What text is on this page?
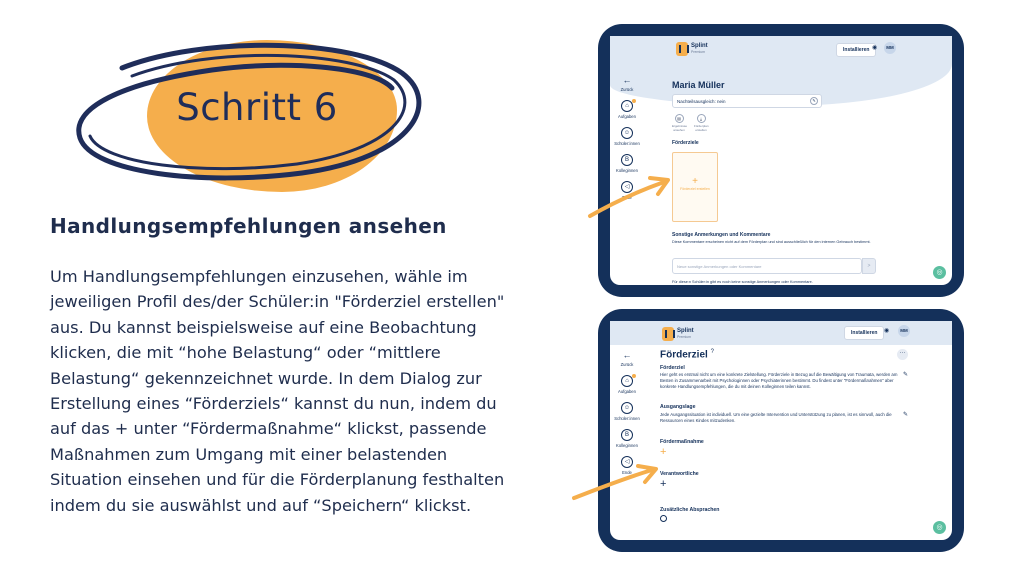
Schritt 6
Handlungsempfehlungen ansehen
Um Handlungsempfehlungen einzusehen, wähle im
jeweiligen Profil des/der Schüler:in "Förderziel erstellen"
aus. Du kannst beispielsweise auf eine Beobachtung
klicken, die mit “hohe Belastung“ oder “mittlere
Belastung“ gekennzeichnet wurde. In dem Dialog zur
Erstellung eines “Förderziels“ kannst du nun, indem du
auf das + unter “Fördermaßnahme“ klickst, passende
Maßnahmen zum Umgang mit einer belastenden
Situation einsehen und für die Förderplanung festhalten
indem du sie auswählst und auf “Speichern“ klickst.
Splint
Premium	Installieren ◉	MM
←
Zurück
⌂
Aufgaben
☺
Schüler:innen
B
Kolleginnen
◁
Ende
Maria Müller
Nachteilsausgleich: nein	✎
▤
Ergebnisse ansehen
⤓
Förderplan erstellen
Förderziele
+
Förderziel erstellen
Sonstige Anmerkungen und Kommentare
Diese Kommentare erscheinen nicht auf dem Förderplan und sind ausschließlich für den internen Gebrauch bestimmt.
Neue sonstige Anmerkungen oder Kommentare	>
Für diese:n Schüler:in gibt es noch keine sonstige Anmerkungen oder Kommentare.
Hinterlasse als erste:r einen Kommentar
◎
Splint
Premium
Installieren	◉	MM
←
Zurück
⌂
Aufgaben
☺
Schüler:innen
B
Kolleginnen
◁
Ende
Förderziel ?	···
Förderziel
Hier geht es erstmal nicht um eine konkrete Zielstellung. Förderziele in Bezug auf die Bewältigung von Traumata, werden am Besten in Zusammenarbeit mit Psychologinnen oder Psychiaterinnen bestimmt. Du findest unter "Fördermaßnahmen" aber konkrete Handlungsempfehlungen, die du mit deinen Kolleginnen teilen kannst.
✎
Ausgangslage
Jede Ausgangssituation ist individuell. Um eine gezielte Intervention und Unterstützung zu planen, ist es sinnvoll, auch die Ressourcen eines Kindes mitzudenken.
✎
Fördermaßnahme
+
Verantwortliche
+
Zusätzliche Absprachen
◎
